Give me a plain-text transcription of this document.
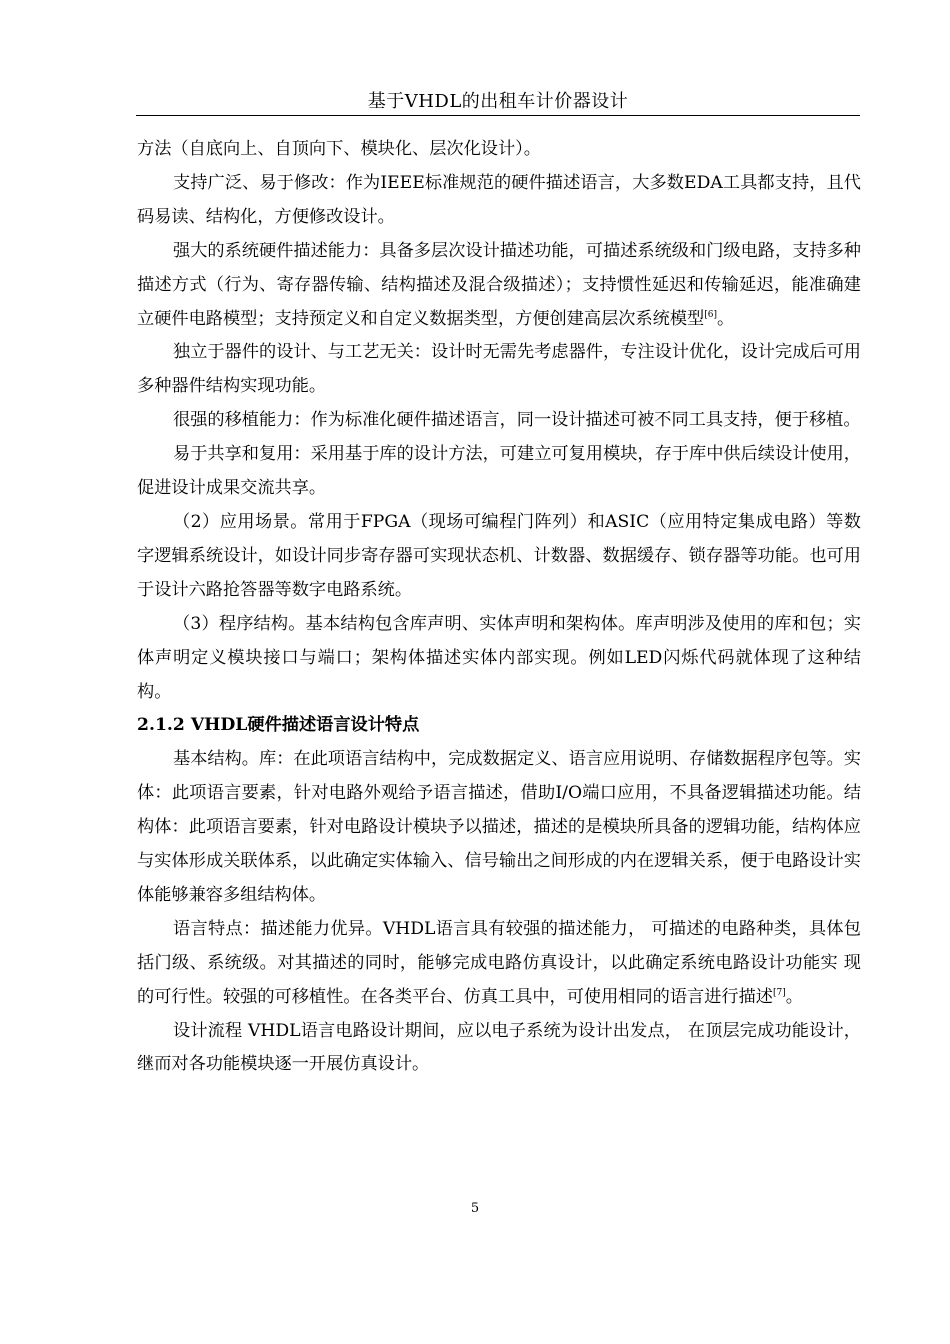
基于VHDL的出租车计价器设计

方法（自底向上、自顶向下、模块化、层次化设计）。

支持广泛、易于修改：作为IEEE标准规范的硬件描述语言，大多数EDA工具都支持，且代码易读、结构化，方便修改设计。

强大的系统硬件描述能力：具备多层次设计描述功能，可描述系统级和门级电路，支持多种描述方式（行为、寄存器传输、结构描述及混合级描述）；支持惯性延迟和传输延迟，能准确建立硬件电路模型；支持预定义和自定义数据类型，方便创建高层次系统模型[6]。

独立于器件的设计、与工艺无关：设计时无需先考虑器件，专注设计优化，设计完成后可用多种器件结构实现功能。

很强的移植能力：作为标准化硬件描述语言，同一设计描述可被不同工具支持，便于移植。

易于共享和复用：采用基于库的设计方法，可建立可复用模块，存于库中供后续设计使用，促进设计成果交流共享。

（2）应用场景。常用于FPGA（现场可编程门阵列）和ASIC（应用特定集成电路）等数字逻辑系统设计，如设计同步寄存器可实现状态机、计数器、数据缓存、锁存器等功能。也可用于设计六路抢答器等数字电路系统。

（3）程序结构。基本结构包含库声明、实体声明和架构体。库声明涉及使用的库和包；实体声明定义模块接口与端口；架构体描述实体内部实现。例如LED闪烁代码就体现了这种结构。

2.1.2 VHDL硬件描述语言设计特点

基本结构。库：在此项语言结构中，完成数据定义、语言应用说明、存储数据程序包等。实体：此项语言要素，针对电路外观给予语言描述，借助I/O端口应用，不具备逻辑描述功能。结构体：此项语言要素，针对电路设计模块予以描述，描述的是模块所具备的逻辑功能，结构体应与实体形成关联体系，以此确定实体输入、信号输出之间形成的内在逻辑关系，便于电路设计实体能够兼容多组结构体。

语言特点：描述能力优异。VHDL语言具有较强的描述能力， 可描述的电路种类，具体包括门级、系统级。对其描述的同时，能够完成电路仿真设计，以此确定系统电路设计功能实 现的可行性。较强的可移植性。在各类平台、仿真工具中，可使用相同的语言进行描述[7]。

设计流程 VHDL语言电路设计期间，应以电子系统为设计出发点， 在顶层完成功能设计，继而对各功能模块逐一开展仿真设计。

5
